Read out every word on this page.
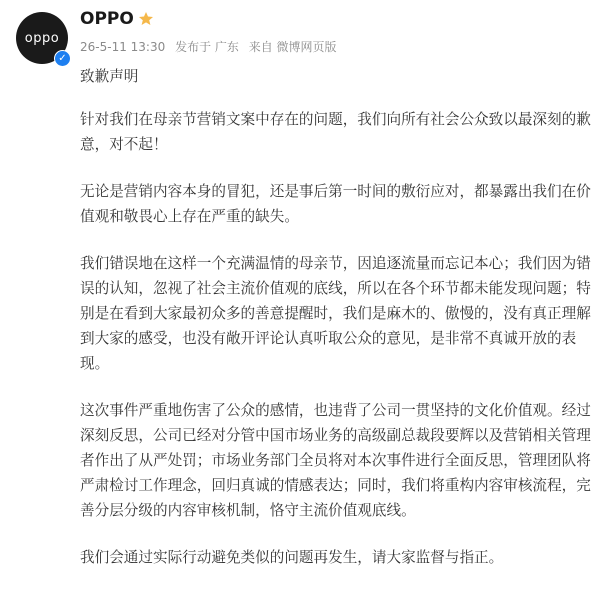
oppo
✓
OPPO
26-5-11 13:30 发布于 广东 来自 微博网页版

致歉声明

针对我们在母亲节营销文案中存在的问题，我们向所有社会公众致以最深刻的歉意，对不起！

无论是营销内容本身的冒犯，还是事后第一时间的敷衍应对，都暴露出我们在价值观和敬畏心上存在严重的缺失。

我们错误地在这样一个充满温情的母亲节，因追逐流量而忘记本心；我们因为错误的认知，忽视了社会主流价值观的底线，所以在各个环节都未能发现问题；特别是在看到大家最初众多的善意提醒时，我们是麻木的、傲慢的，没有真正理解到大家的感受，也没有敞开评论认真听取公众的意见，是非常不真诚开放的表现。

这次事件严重地伤害了公众的感情，也违背了公司一贯坚持的文化价值观。经过深刻反思，公司已经对分管中国市场业务的高级副总裁段要辉以及营销相关管理者作出了从严处罚；市场业务部门全员将对本次事件进行全面反思，管理团队将严肃检讨工作理念，回归真诚的情感表达；同时，我们将重构内容审核流程，完善分层分级的内容审核机制，恪守主流价值观底线。

我们会通过实际行动避免类似的问题再发生，请大家监督与指正。
